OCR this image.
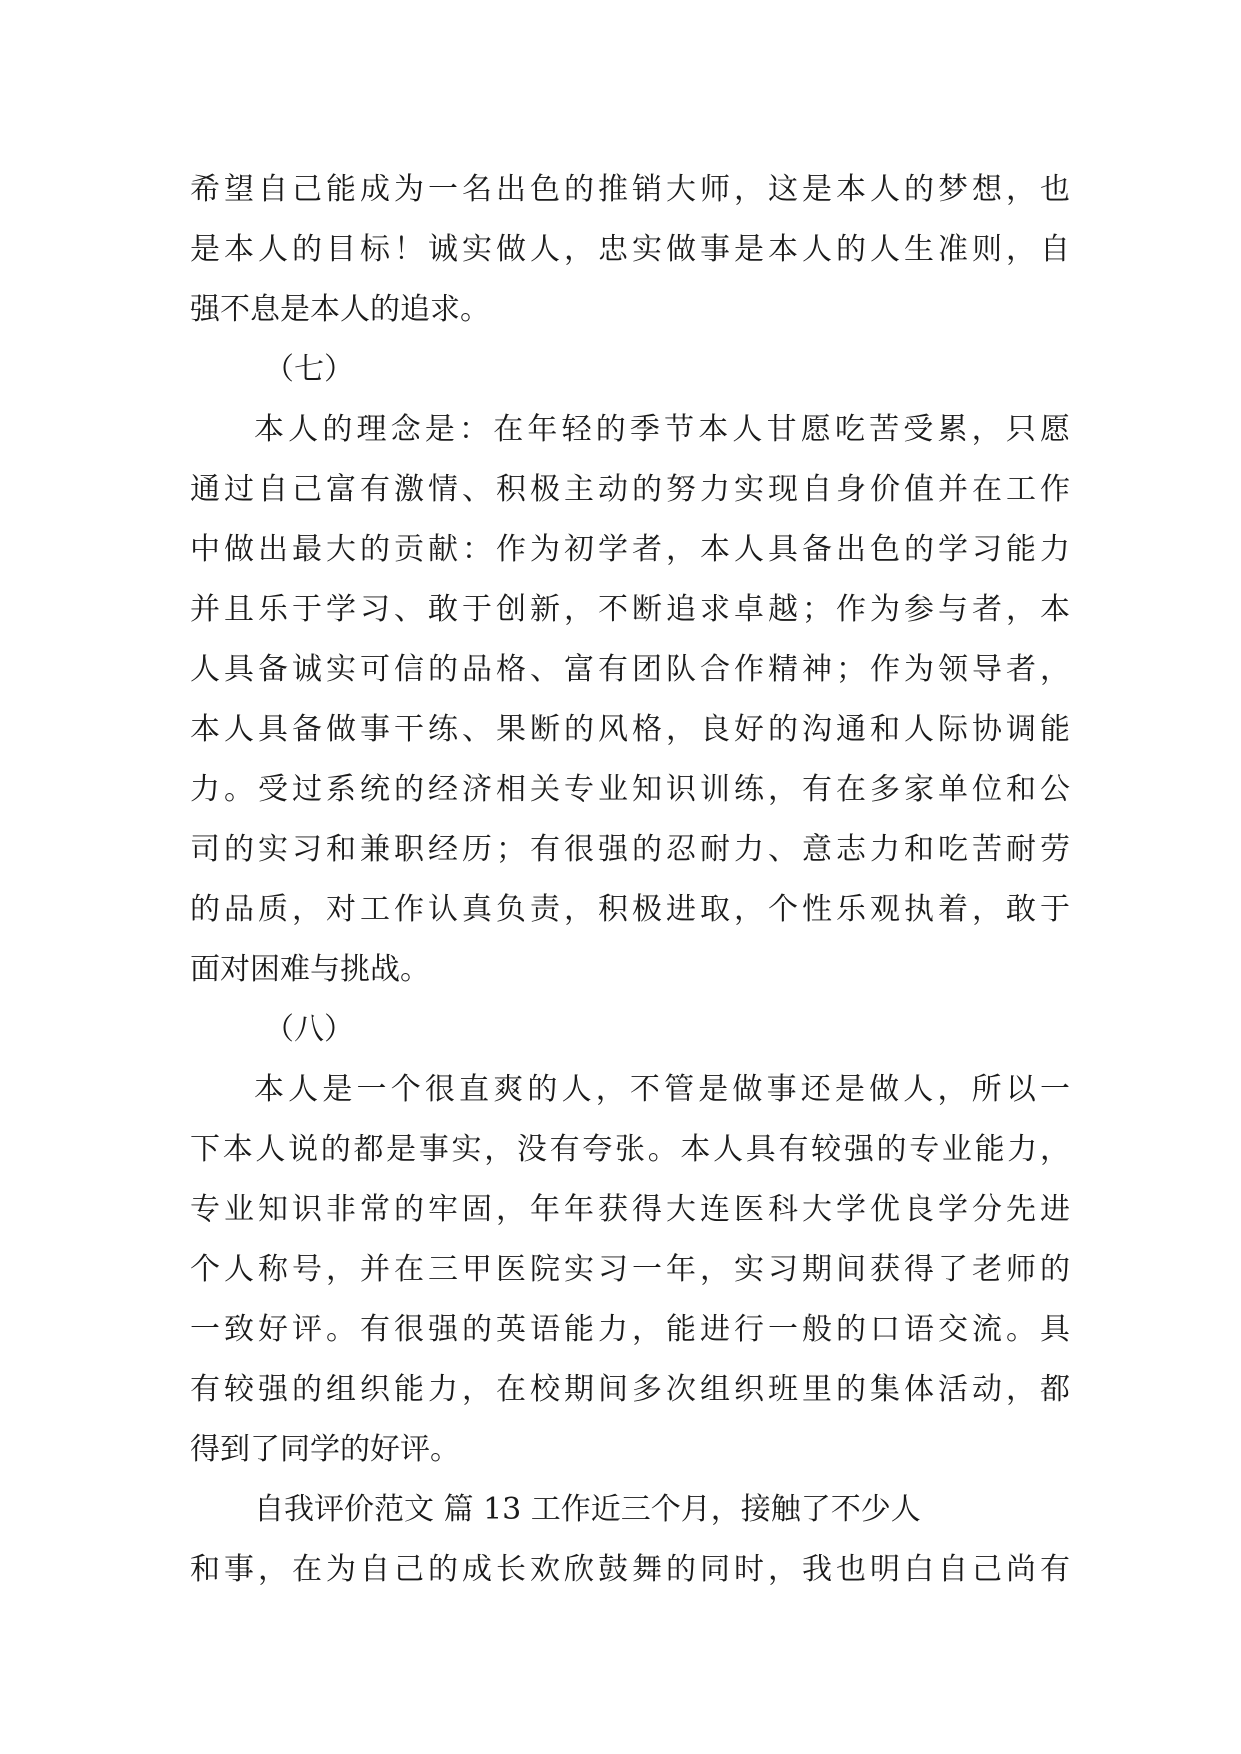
希望自己能成为一名出色的推销大师，这是本人的梦想，也
是本人的目标！诚实做人，忠实做事是本人的人生准则，自
强不息是本人的追求。
（七）
本人的理念是：在年轻的季节本人甘愿吃苦受累，只愿
通过自己富有激情、积极主动的努力实现自身价值并在工作
中做出最大的贡献：作为初学者，本人具备出色的学习能力
并且乐于学习、敢于创新，不断追求卓越；作为参与者，本
人具备诚实可信的品格、富有团队合作精神；作为领导者，
本人具备做事干练、果断的风格，良好的沟通和人际协调能
力。受过系统的经济相关专业知识训练，有在多家单位和公
司的实习和兼职经历；有很强的忍耐力、意志力和吃苦耐劳
的品质，对工作认真负责，积极进取，个性乐观执着，敢于
面对困难与挑战。
（八）
本人是一个很直爽的人，不管是做事还是做人，所以一
下本人说的都是事实，没有夸张。本人具有较强的专业能力，
专业知识非常的牢固，年年获得大连医科大学优良学分先进
个人称号，并在三甲医院实习一年，实习期间获得了老师的
一致好评。有很强的英语能力，能进行一般的口语交流。具
有较强的组织能力，在校期间多次组织班里的集体活动，都
得到了同学的好评。
自我评价范文 篇 13 工作近三个月，接触了不少人
和事，在为自己的成长欢欣鼓舞的同时，我也明白自己尚有
